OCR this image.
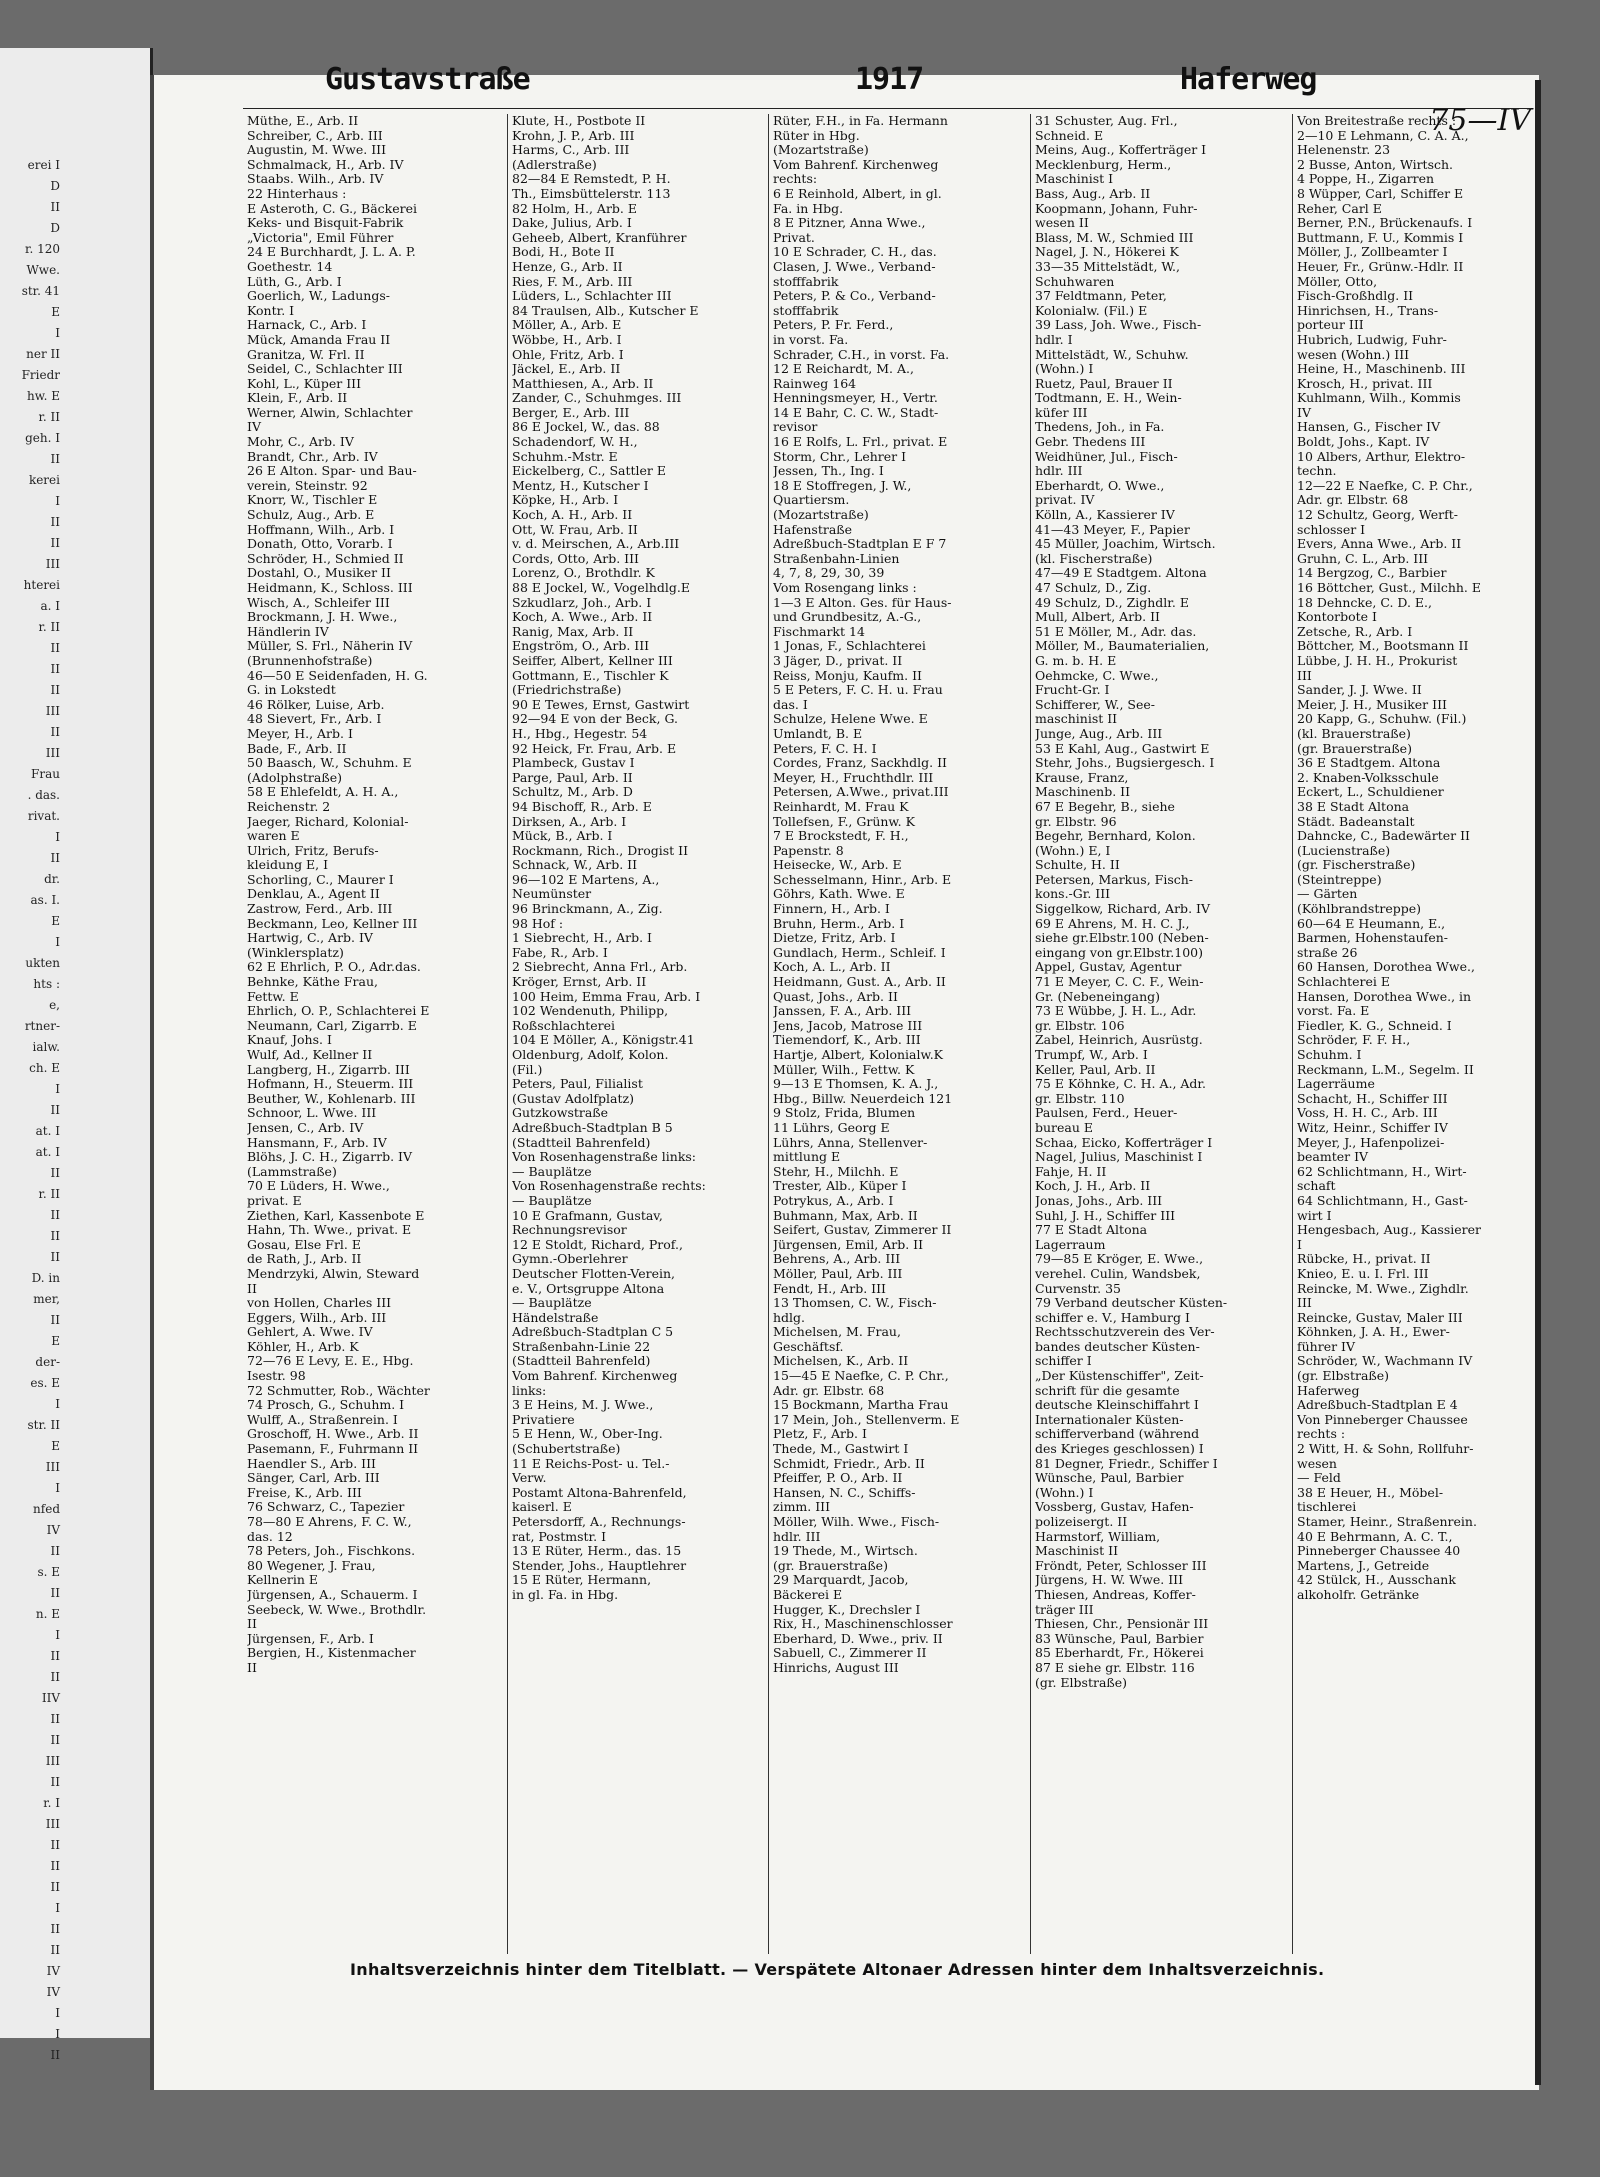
erei I
D
II
D
r. 120
Wwe.
str. 41
E
I
ner II
Friedr
hw. E
r. II
geh. I
II
kerei
I
II
II
III
hterei
a. I
r. II
II
II
II
III
II
III
Frau
. das.
rivat.
I
II
dr.
as. I.
E
I
ukten
hts :
e,
rtner-
ialw.
ch. E
I
II
at. I
at. I
II
r. II
II
II
II
D. in
mer,
II
E
der-
es. E
I
str. II
E
III
I
nfed
IV
II
s. E
II
n. E
I
II
II
IIV
II
II
III
II
r. I
III
II
II
II
I
II
II
IV
IV
I
I
II
75—IV
Gustavstraße	1917	Haferweg
Müthe, E., Arb. II
Schreiber, C., Arb. III
Augustin, M. Wwe. III
Schmalmack, H., Arb. IV
Staabs. Wilh., Arb. IV
22 Hinterhaus :
E Asteroth, C. G., Bäckerei
Keks- und Bisquit-Fabrik
„Victoria", Emil Führer
24 E Burchhardt, J. L. A. P.
Goethestr. 14
Lüth, G., Arb. I
Goerlich, W., Ladungs-
Kontr. I
Harnack, C., Arb. I
Mück, Amanda Frau II
Granitza, W. Frl. II
Seidel, C., Schlachter III
Kohl, L., Küper III
Klein, F., Arb. II
Werner, Alwin, Schlachter
IV
Mohr, C., Arb. IV
Brandt, Chr., Arb. IV
26 E Alton. Spar- und Bau-
verein, Steinstr. 92
Knorr, W., Tischler E
Schulz, Aug., Arb. E
Hoffmann, Wilh., Arb. I
Donath, Otto, Vorarb. I
Schröder, H., Schmied II
Dostahl, O., Musiker II
Heidmann, K., Schloss. III
Wisch, A., Schleifer III
Brockmann, J. H. Wwe.,
Händlerin IV
Müller, S. Frl., Näherin IV
(Brunnenhofstraße)
46—50 E Seidenfaden, H. G.
G. in Lokstedt
46 Rölker, Luise, Arb.
48 Sievert, Fr., Arb. I
Meyer, H., Arb. I
Bade, F., Arb. II
50 Baasch, W., Schuhm. E
(Adolphstraße)
58 E Ehlefeldt, A. H. A.,
Reichenstr. 2
Jaeger, Richard, Kolonial-
waren E
Ulrich, Fritz, Berufs-
kleidung E, I
Schorling, C., Maurer I
Denklau, A., Agent II
Zastrow, Ferd., Arb. III
Beckmann, Leo, Kellner III
Hartwig, C., Arb. IV
(Winklersplatz)
62 E Ehrlich, P. O., Adr.das.
Behnke, Käthe Frau,
Fettw. E
Ehrlich, O. P., Schlachterei E
Neumann, Carl, Zigarrb. E
Knauf, Johs. I
Wulf, Ad., Kellner II
Langberg, H., Zigarrb. III
Hofmann, H., Steuerm. III
Beuther, W., Kohlenarb. III
Schnoor, L. Wwe. III
Jensen, C., Arb. IV
Hansmann, F., Arb. IV
Blöhs, J. C. H., Zigarrb. IV
(Lammstraße)
70 E Lüders, H. Wwe.,
privat. E
Ziethen, Karl, Kassenbote E
Hahn, Th. Wwe., privat. E
Gosau, Else Frl. E
de Rath, J., Arb. II
Mendrzyki, Alwin, Steward
II
von Hollen, Charles III
Eggers, Wilh., Arb. III
Gehlert, A. Wwe. IV
Köhler, H., Arb. K
72—76 E Levy, E. E., Hbg.
Isestr. 98
72 Schmutter, Rob., Wächter
74 Prosch, G., Schuhm. I
Wulff, A., Straßenrein. I
Groschoff, H. Wwe., Arb. II
Pasemann, F., Fuhrmann II
Haendler S., Arb. III
Sänger, Carl, Arb. III
Freise, K., Arb. III
76 Schwarz, C., Tapezier
78—80 E Ahrens, F. C. W.,
das. 12
78 Peters, Joh., Fischkons.
80 Wegener, J. Frau,
Kellnerin E
Jürgensen, A., Schauerm. I
Seebeck, W. Wwe., Brothdlr.
II
Jürgensen, F., Arb. I
Bergien, H., Kistenmacher
II
Klute, H., Postbote II
Krohn, J. P., Arb. III
Harms, C., Arb. III
(Adlerstraße)
82—84 E Remstedt, P. H.
Th., Eimsbüttelerstr. 113
82 Holm, H., Arb. E
Dake, Julius, Arb. I
Geheeb, Albert, Kranführer
Bodi, H., Bote II
Henze, G., Arb. II
Ries, F. M., Arb. III
Lüders, L., Schlachter III
84 Traulsen, Alb., Kutscher E
Möller, A., Arb. E
Wöbbe, H., Arb. I
Ohle, Fritz, Arb. I
Jäckel, E., Arb. II
Matthiesen, A., Arb. II
Zander, C., Schuhmges. III
Berger, E., Arb. III
86 E Jockel, W., das. 88
Schadendorf, W. H.,
Schuhm.-Mstr. E
Eickelberg, C., Sattler E
Mentz, H., Kutscher I
Köpke, H., Arb. I
Koch, A. H., Arb. II
Ott, W. Frau, Arb. II
v. d. Meirschen, A., Arb.III
Cords, Otto, Arb. III
Lorenz, O., Brothdlr. K
88 E Jockel, W., Vogelhdlg.E
Szkudlarz, Joh., Arb. I
Koch, A. Wwe., Arb. II
Ranig, Max, Arb. II
Engström, O., Arb. III
Seiffer, Albert, Kellner III
Gottmann, E., Tischler K
(Friedrichstraße)
90 E Tewes, Ernst, Gastwirt
92—94 E von der Beck, G.
H., Hbg., Hegestr. 54
92 Heick, Fr. Frau, Arb. E
Plambeck, Gustav I
Parge, Paul, Arb. II
Schultz, M., Arb. D
94 Bischoff, R., Arb. E
Dirksen, A., Arb. I
Mück, B., Arb. I
Rockmann, Rich., Drogist II
Schnack, W., Arb. II
96—102 E Martens, A.,
Neumünster
96 Brinckmann, A., Zig.
98 Hof :
1 Siebrecht, H., Arb. I
Fabe, R., Arb. I
2 Siebrecht, Anna Frl., Arb.
Kröger, Ernst, Arb. II
100 Heim, Emma Frau, Arb. I
102 Wendenuth, Philipp,
Roßschlachterei
104 E Möller, A., Königstr.41
Oldenburg, Adolf, Kolon.
(Fil.)
Peters, Paul, Filialist
(Gustav Adolfplatz)
Gutzkowstraße
Adreßbuch-Stadtplan B 5
(Stadtteil Bahrenfeld)
Von Rosenhagenstraße links:
— Bauplätze
Von Rosenhagenstraße rechts:
— Bauplätze
10 E Grafmann, Gustav,
Rechnungsrevisor
12 E Stoldt, Richard, Prof.,
Gymn.-Oberlehrer
Deutscher Flotten-Verein,
e. V., Ortsgruppe Altona
— Bauplätze
Händelstraße
Adreßbuch-Stadtplan C 5
Straßenbahn-Linie 22
(Stadtteil Bahrenfeld)
Vom Bahrenf. Kirchenweg
links:
3 E Heins, M. J. Wwe.,
Privatiere
5 E Henn, W., Ober-Ing.
(Schubertstraße)
11 E Reichs-Post- u. Tel.-
Verw.
Postamt Altona-Bahrenfeld,
kaiserl. E
Petersdorff, A., Rechnungs-
rat, Postmstr. I
13 E Rüter, Herm., das. 15
Stender, Johs., Hauptlehrer
15 E Rüter, Hermann,
in gl. Fa. in Hbg.
Rüter, F.H., in Fa. Hermann
Rüter in Hbg.
(Mozartstraße)
Vom Bahrenf. Kirchenweg
rechts:
6 E Reinhold, Albert, in gl.
Fa. in Hbg.
8 E Pitzner, Anna Wwe.,
Privat.
10 E Schrader, C. H., das.
Clasen, J. Wwe., Verband-
stofffabrik
Peters, P. & Co., Verband-
stofffabrik
Peters, P. Fr. Ferd.,
in vorst. Fa.
Schrader, C.H., in vorst. Fa.
12 E Reichardt, M. A.,
Rainweg 164
Henningsmeyer, H., Vertr.
14 E Bahr, C. C. W., Stadt-
revisor
16 E Rolfs, L. Frl., privat. E
Storm, Chr., Lehrer I
Jessen, Th., Ing. I
18 E Stoffregen, J. W.,
Quartiersm.
(Mozartstraße)
Hafenstraße
Adreßbuch-Stadtplan E F 7
Straßenbahn-Linien
4, 7, 8, 29, 30, 39
Vom Rosengang links :
1—3 E Alton. Ges. für Haus-
und Grundbesitz, A.-G.,
Fischmarkt 14
1 Jonas, F., Schlachterei
3 Jäger, D., privat. II
Reiss, Monju, Kaufm. II
5 E Peters, F. C. H. u. Frau
das. I
Schulze, Helene Wwe. E
Umlandt, B. E
Peters, F. C. H. I
Cordes, Franz, Sackhdlg. II
Meyer, H., Fruchthdlr. III
Petersen, A.Wwe., privat.III
Reinhardt, M. Frau K
Tollefsen, F., Grünw. K
7 E Brockstedt, F. H.,
Papenstr. 8
Heisecke, W., Arb. E
Schesselmann, Hinr., Arb. E
Göhrs, Kath. Wwe. E
Finnern, H., Arb. I
Bruhn, Herm., Arb. I
Dietze, Fritz, Arb. I
Gundlach, Herm., Schleif. I
Koch, A. L., Arb. II
Heidmann, Gust. A., Arb. II
Quast, Johs., Arb. II
Janssen, F. A., Arb. III
Jens, Jacob, Matrose III
Tiemendorf, K., Arb. III
Hartje, Albert, Kolonialw.K
Müller, Wilh., Fettw. K
9—13 E Thomsen, K. A. J.,
Hbg., Billw. Neuerdeich 121
9 Stolz, Frida, Blumen
11 Lührs, Georg E
Lührs, Anna, Stellenver-
mittlung E
Stehr, H., Milchh. E
Trester, Alb., Küper I
Potrykus, A., Arb. I
Buhmann, Max, Arb. II
Seifert, Gustav, Zimmerer II
Jürgensen, Emil, Arb. II
Behrens, A., Arb. III
Möller, Paul, Arb. III
Fendt, H., Arb. III
13 Thomsen, C. W., Fisch-
hdlg.
Michelsen, M. Frau,
Geschäftsf.
Michelsen, K., Arb. II
15—45 E Naefke, C. P. Chr.,
Adr. gr. Elbstr. 68
15 Bockmann, Martha Frau
17 Mein, Joh., Stellenverm. E
Pletz, F., Arb. I
Thede, M., Gastwirt I
Schmidt, Friedr., Arb. II
Pfeiffer, P. O., Arb. II
Hansen, N. C., Schiffs-
zimm. III
Möller, Wilh. Wwe., Fisch-
hdlr. III
19 Thede, M., Wirtsch.
(gr. Brauerstraße)
29 Marquardt, Jacob,
Bäckerei E
Hugger, K., Drechsler I
Rix, H., Maschinenschlosser
Eberhard, D. Wwe., priv. II
Sabuell, C., Zimmerer II
Hinrichs, August III
31 Schuster, Aug. Frl.,
Schneid. E
Meins, Aug., Kofferträger I
Mecklenburg, Herm.,
Maschinist I
Bass, Aug., Arb. II
Koopmann, Johann, Fuhr-
wesen II
Blass, M. W., Schmied III
Nagel, J. N., Hökerei K
33—35 Mittelstädt, W.,
Schuhwaren
37 Feldtmann, Peter,
Kolonialw. (Fil.) E
39 Lass, Joh. Wwe., Fisch-
hdlr. I
Mittelstädt, W., Schuhw.
(Wohn.) I
Ruetz, Paul, Brauer II
Todtmann, E. H., Wein-
küfer III
Thedens, Joh., in Fa.
Gebr. Thedens III
Weidhüner, Jul., Fisch-
hdlr. III
Eberhardt, O. Wwe.,
privat. IV
Kölln, A., Kassierer IV
41—43 Meyer, F., Papier
45 Müller, Joachim, Wirtsch.
(kl. Fischerstraße)
47—49 E Stadtgem. Altona
47 Schulz, D., Zig.
49 Schulz, D., Zighdlr. E
Mull, Albert, Arb. II
51 E Möller, M., Adr. das.
Möller, M., Baumaterialien,
G. m. b. H. E
Oehmcke, C. Wwe.,
Frucht-Gr. I
Schifferer, W., See-
maschinist II
Junge, Aug., Arb. III
53 E Kahl, Aug., Gastwirt E
Stehr, Johs., Bugsiergesch. I
Krause, Franz,
Maschinenb. II
67 E Begehr, B., siehe
gr. Elbstr. 96
Begehr, Bernhard, Kolon.
(Wohn.) E, I
Schulte, H. II
Petersen, Markus, Fisch-
kons.-Gr. III
Siggelkow, Richard, Arb. IV
69 E Ahrens, M. H. C. J.,
siehe gr.Elbstr.100 (Neben-
eingang von gr.Elbstr.100)
Appel, Gustav, Agentur
71 E Meyer, C. C. F., Wein-
Gr. (Nebeneingang)
73 E Wübbe, J. H. L., Adr.
gr. Elbstr. 106
Zabel, Heinrich, Ausrüstg.
Trumpf, W., Arb. I
Keller, Paul, Arb. II
75 E Köhnke, C. H. A., Adr.
gr. Elbstr. 110
Paulsen, Ferd., Heuer-
bureau E
Schaa, Eicko, Kofferträger I
Nagel, Julius, Maschinist I
Fahje, H. II
Koch, J. H., Arb. II
Jonas, Johs., Arb. III
Suhl, J. H., Schiffer III
77 E Stadt Altona
Lagerraum
79—85 E Kröger, E. Wwe.,
verehel. Culin, Wandsbek,
Curvenstr. 35
79 Verband deutscher Küsten-
schiffer e. V., Hamburg I
Rechtsschutzverein des Ver-
bandes deutscher Küsten-
schiffer I
„Der Küstenschiffer", Zeit-
schrift für die gesamte
deutsche Kleinschiffahrt I
Internationaler Küsten-
schifferverband (während
des Krieges geschlossen) I
81 Degner, Friedr., Schiffer I
Wünsche, Paul, Barbier
(Wohn.) I
Vossberg, Gustav, Hafen-
polizeisergt. II
Harmstorf, William,
Maschinist II
Fröndt, Peter, Schlosser III
Jürgens, H. W. Wwe. III
Thiesen, Andreas, Koffer-
träger III
Thiesen, Chr., Pensionär III
83 Wünsche, Paul, Barbier
85 Eberhardt, Fr., Hökerei
87 E siehe gr. Elbstr. 116
(gr. Elbstraße)
Von Breitestraße rechts :
2—10 E Lehmann, C. A. A.,
Helenenstr. 23
2 Busse, Anton, Wirtsch.
4 Poppe, H., Zigarren
8 Wüpper, Carl, Schiffer E
Reher, Carl E
Berner, P.N., Brückenaufs. I
Buttmann, F. U., Kommis I
Möller, J., Zollbeamter I
Heuer, Fr., Grünw.-Hdlr. II
Möller, Otto,
Fisch-Großhdlg. II
Hinrichsen, H., Trans-
porteur III
Hubrich, Ludwig, Fuhr-
wesen (Wohn.) III
Heine, H., Maschinenb. III
Krosch, H., privat. III
Kuhlmann, Wilh., Kommis
IV
Hansen, G., Fischer IV
Boldt, Johs., Kapt. IV
10 Albers, Arthur, Elektro-
techn.
12—22 E Naefke, C. P. Chr.,
Adr. gr. Elbstr. 68
12 Schultz, Georg, Werft-
schlosser I
Evers, Anna Wwe., Arb. II
Gruhn, C. L., Arb. III
14 Bergzog, C., Barbier
16 Böttcher, Gust., Milchh. E
18 Dehncke, C. D. E.,
Kontorbote I
Zetsche, R., Arb. I
Böttcher, M., Bootsmann II
Lübbe, J. H. H., Prokurist
III
Sander, J. J. Wwe. II
Meier, J. H., Musiker III
20 Kapp, G., Schuhw. (Fil.)
(kl. Brauerstraße)
(gr. Brauerstraße)
36 E Stadtgem. Altona
2. Knaben-Volksschule
Eckert, L., Schuldiener
38 E Stadt Altona
Städt. Badeanstalt
Dahncke, C., Badewärter II
(Lucienstraße)
(gr. Fischerstraße)
(Steintreppe)
— Gärten
(Köhlbrandstreppe)
60—64 E Heumann, E.,
Barmen, Hohenstaufen-
straße 26
60 Hansen, Dorothea Wwe.,
Schlachterei E
Hansen, Dorothea Wwe., in
vorst. Fa. E
Fiedler, K. G., Schneid. I
Schröder, F. F. H.,
Schuhm. I
Reckmann, L.M., Segelm. II
Lagerräume
Schacht, H., Schiffer III
Voss, H. H. C., Arb. III
Witz, Heinr., Schiffer IV
Meyer, J., Hafenpolizei-
beamter IV
62 Schlichtmann, H., Wirt-
schaft
64 Schlichtmann, H., Gast-
wirt I
Hengesbach, Aug., Kassierer
I
Rübcke, H., privat. II
Knieo, E. u. I. Frl. III
Reincke, M. Wwe., Zighdlr.
III
Reincke, Gustav, Maler III
Köhnken, J. A. H., Ewer-
führer IV
Schröder, W., Wachmann IV
(gr. Elbstraße)
Haferweg
Adreßbuch-Stadtplan E 4
Von Pinneberger Chaussee
rechts :
2 Witt, H. & Sohn, Rollfuhr-
wesen
— Feld
38 E Heuer, H., Möbel-
tischlerei
Stamer, Heinr., Straßenrein.
40 E Behrmann, A. C. T.,
Pinneberger Chaussee 40
Martens, J., Getreide
42 Stülck, H., Ausschank
alkoholfr. Getränke
Inhaltsverzeichnis hinter dem Titelblatt. — Verspätete Altonaer Adressen hinter dem Inhaltsverzeichnis.
